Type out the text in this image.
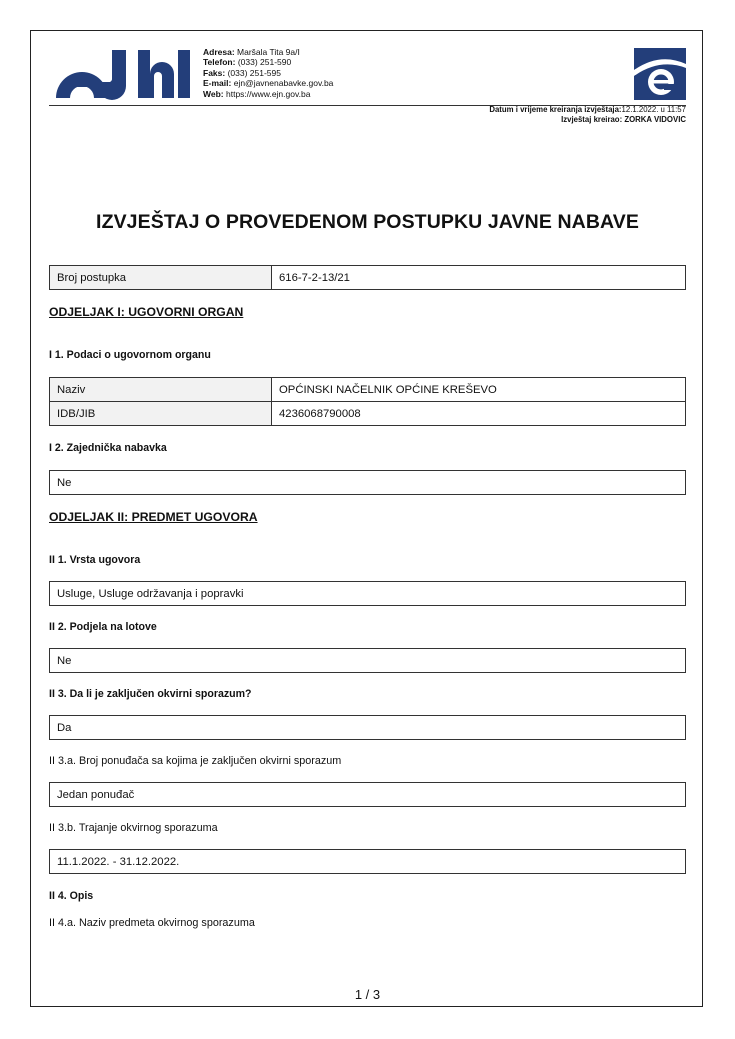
Adresa: Maršala Tita 9a/I
Telefon: (033) 251-590
Faks: (033) 251-595
E-mail: ejn@javnenabavke.gov.ba
Web: https://www.ejn.gov.ba
Datum i vrijeme kreiranja izvještaja:12.1.2022. u 11:57
Izvještaj kreirao: ZORKA VIDOVIC
IZVJEŠTAJ O PROVEDENOM POSTUPKU JAVNE NABAVE
Broj postupka	616-7-2-13/21
ODJELJAK I: UGOVORNI ORGAN
I 1. Podaci o ugovornom organu
Naziv	OPĆINSKI NAČELNIK OPĆINE KREŠEVO
IDB/JIB	4236068790008
I 2. Zajednička nabavka
Ne
ODJELJAK II: PREDMET UGOVORA
II 1. Vrsta ugovora
Usluge, Usluge održavanja i popravki
II 2. Podjela na lotove
Ne
II 3. Da li je zaključen okvirni sporazum?
Da
II 3.a. Broj ponuđača sa kojima je zaključen okvirni sporazum
Jedan ponuđač
II 3.b. Trajanje okvirnog sporazuma
11.1.2022. - 31.12.2022.
II 4. Opis
II 4.a. Naziv predmeta okvirnog sporazuma
1 / 3
